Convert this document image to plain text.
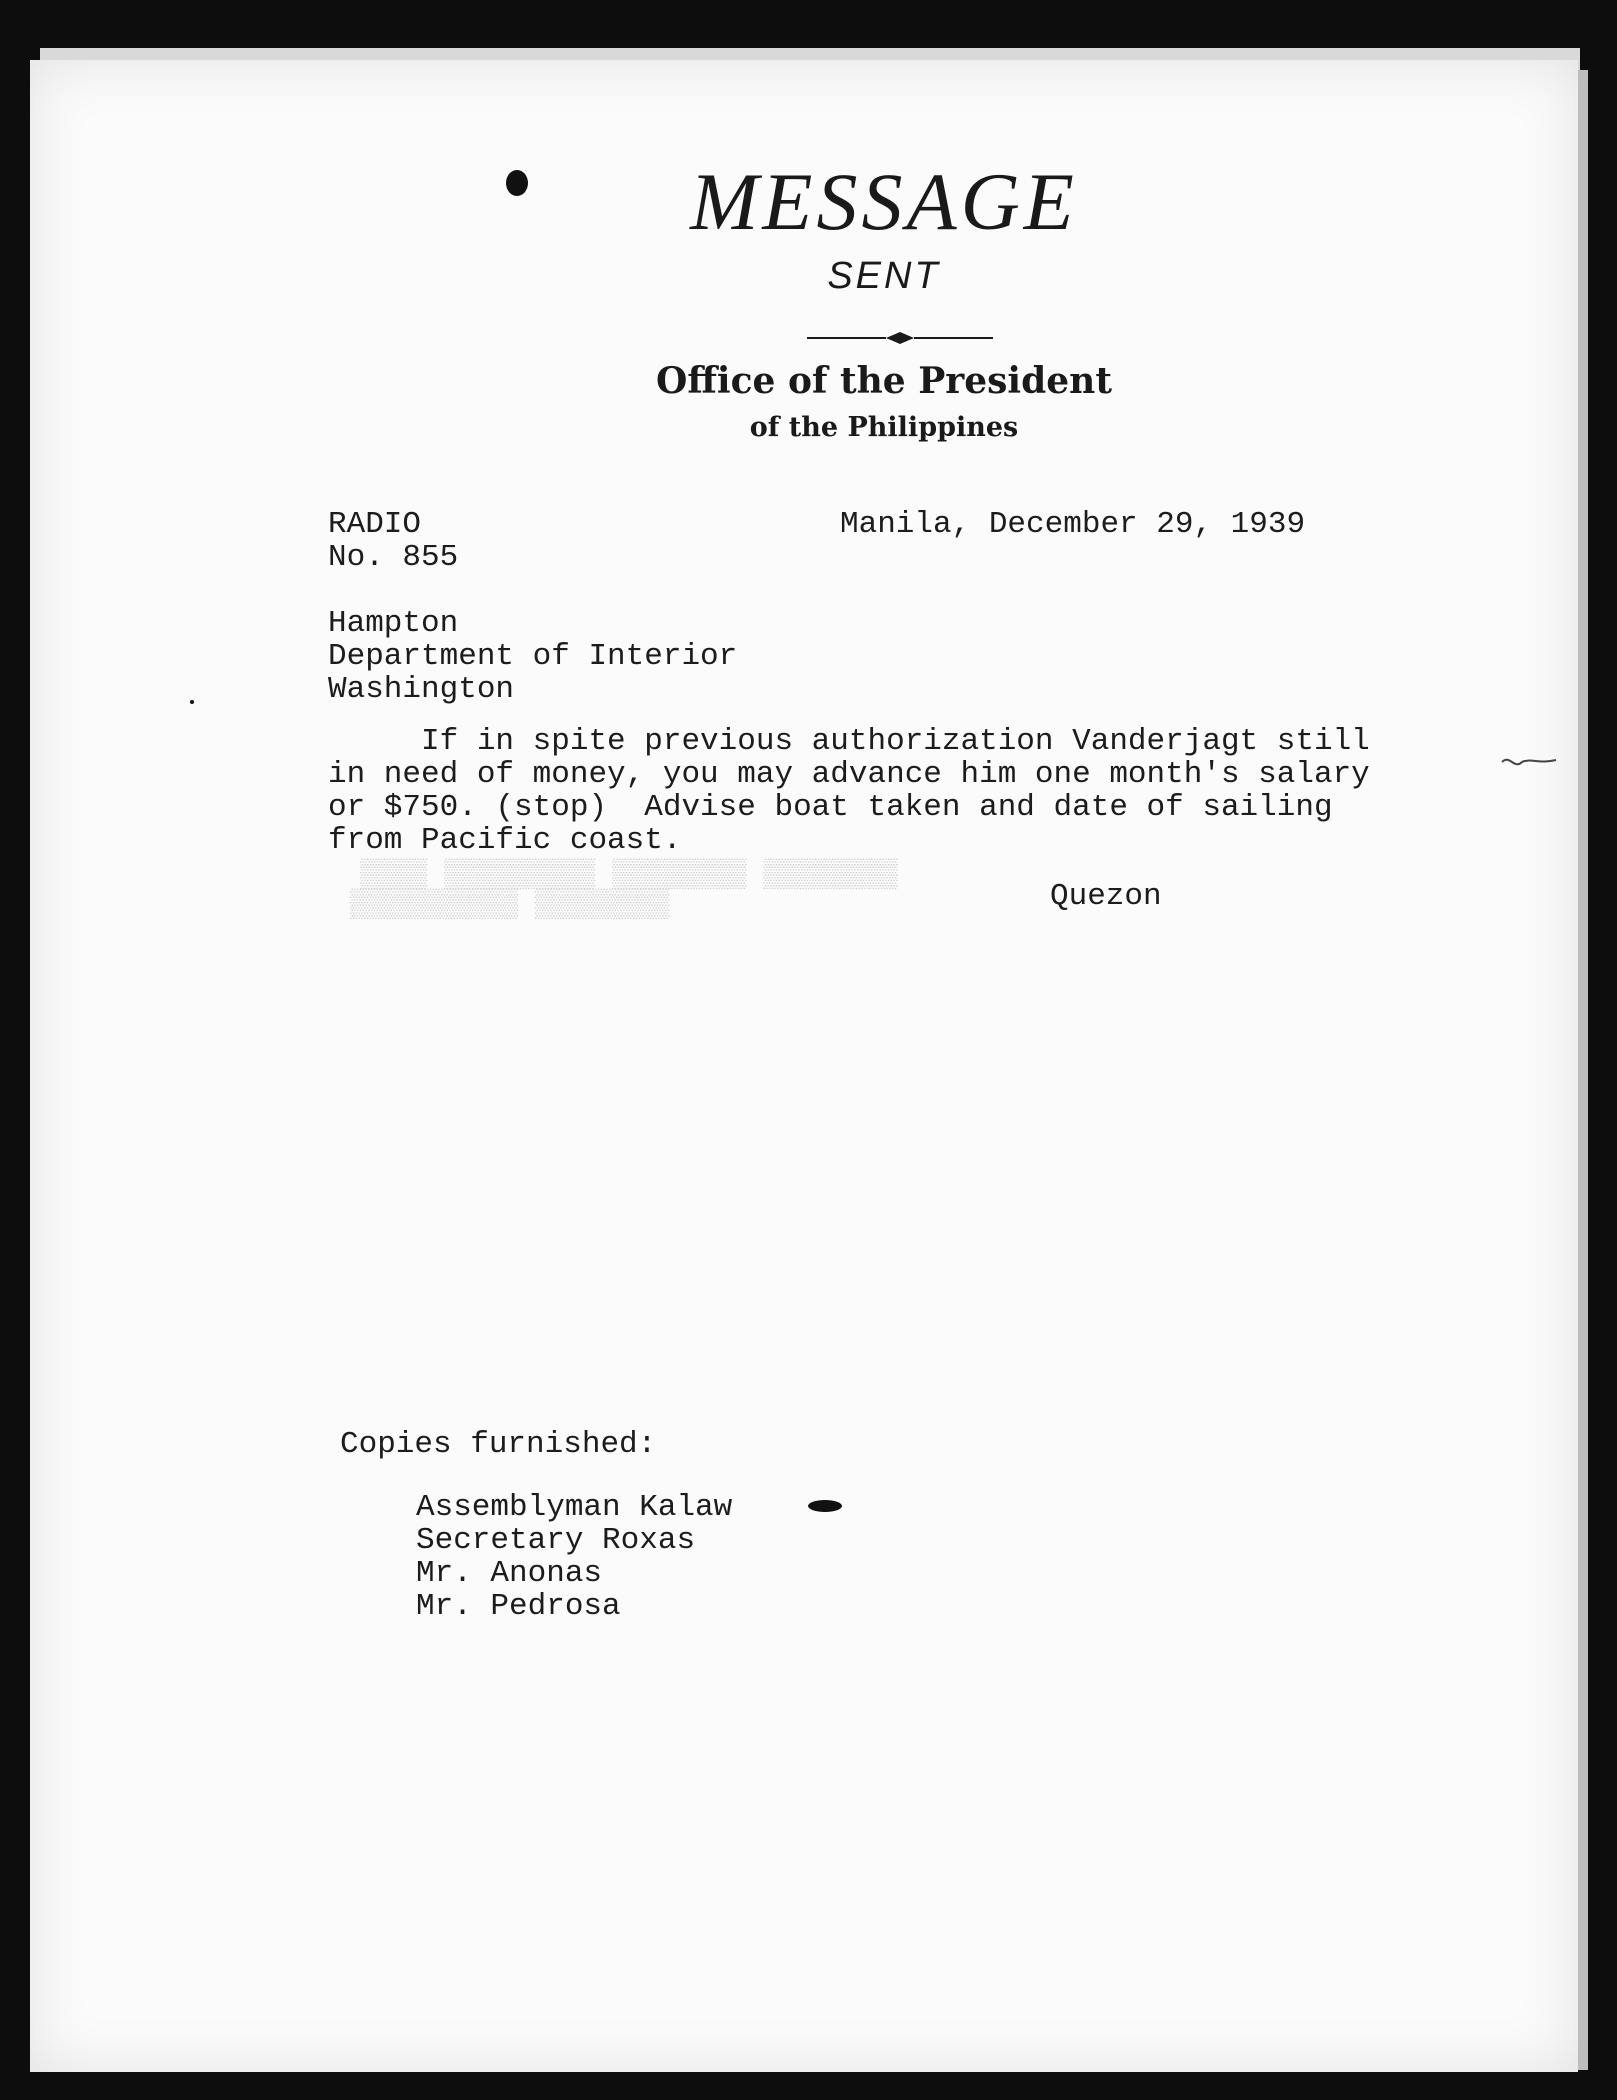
MESSAGE
SENT
Office of the President
of the Philippines
RADIO
No. 855
Manila, December 29, 1939
Hampton
Department of Interior
Washington
If in spite previous authorization Vanderjagt still
in need of money, you may advance him one month's salary
or $750. (stop)  Advise boat taken and date of sailing
from Pacific coast.
▒▒▒▒ ▒▒▒▒▒▒▒▒▒ ▒▒▒▒▒▒▒▒ ▒▒▒▒▒▒▒▒
▒▒▒▒▒▒▒▒▒▒ ▒▒▒▒▒▒▒▒	Quezon
Copies furnished:
Assemblyman Kalaw
Secretary Roxas
Mr. Anonas
Mr. Pedrosa
